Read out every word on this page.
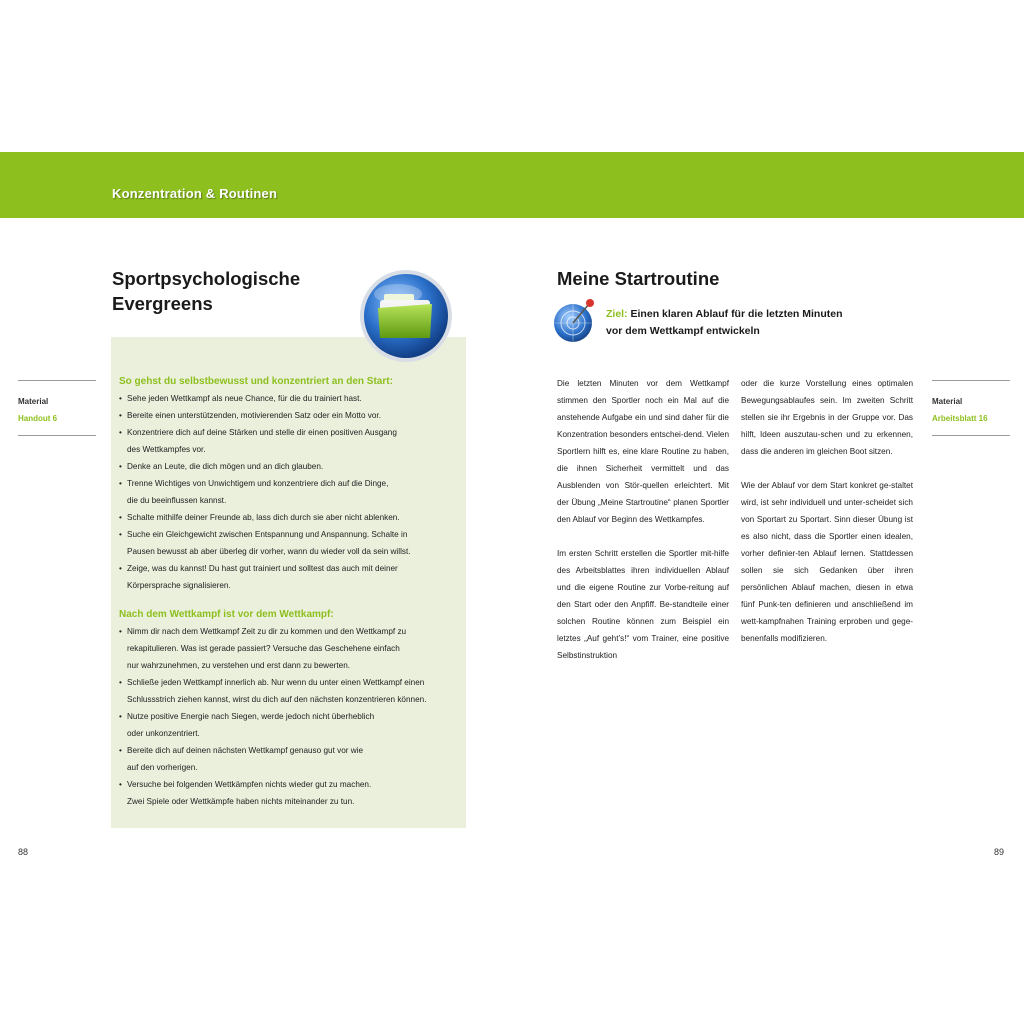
Konzentration & Routinen
Sportpsychologische
Evergreens
Material
Handout 6
So gehst du selbstbewusst und konzentriert an den Start:
• Sehe jeden Wettkampf als neue Chance, für die du trainiert hast.
• Bereite einen unterstützenden, motivierenden Satz oder ein Motto vor.
• Konzentriere dich auf deine Stärken und stelle dir einen positiven Ausgang
des Wettkampfes vor.
• Denke an Leute, die dich mögen und an dich glauben.
• Trenne Wichtiges von Unwichtigem und konzentriere dich auf die Dinge,
die du beeinflussen kannst.
• Schalte mithilfe deiner Freunde ab, lass dich durch sie aber nicht ablenken.
• Suche ein Gleichgewicht zwischen Entspannung und Anspannung. Schalte in
Pausen bewusst ab aber überleg dir vorher, wann du wieder voll da sein willst.
• Zeige, was du kannst! Du hast gut trainiert und solltest das auch mit deiner
Körpersprache signalisieren.
Nach dem Wettkampf ist vor dem Wettkampf:
• Nimm dir nach dem Wettkampf Zeit zu dir zu kommen und den Wettkampf zu
rekapitulieren. Was ist gerade passiert? Versuche das Geschehene einfach
nur wahrzunehmen, zu verstehen und erst dann zu bewerten.
• Schließe jeden Wettkampf innerlich ab. Nur wenn du unter einen Wettkampf einen
Schlussstrich ziehen kannst, wirst du dich auf den nächsten konzentrieren können.
• Nutze positive Energie nach Siegen, werde jedoch nicht überheblich
oder unkonzentriert.
• Bereite dich auf deinen nächsten Wettkampf genauso gut vor wie
auf den vorherigen.
• Versuche bei folgenden Wettkämpfen nichts wieder gut zu machen.
Zwei Spiele oder Wettkämpfe haben nichts miteinander zu tun.
88
Meine Startroutine
Ziel: Einen klaren Ablauf für die letzten Minuten
vor dem Wettkampf entwickeln
Material
Arbeitsblatt 16

Die letzten Minuten vor dem Wettkampf stimmen den Sportler noch ein Mal auf die anstehende Aufgabe ein und sind daher für die Konzentration besonders entschei-dend. Vielen Sportlern hilft es, eine klare Routine zu haben, die ihnen Sicherheit vermittelt und das Ausblenden von Stör-quellen erleichtert. Mit der Übung „Meine Startroutine“ planen Sportler den Ablauf vor Beginn des Wettkampfes.

Im ersten Schritt erstellen die Sportler mit-hilfe des Arbeitsblattes ihren individuellen Ablauf und die eigene Routine zur Vorbe-reitung auf den Start oder den Anpfiff. Be-standteile einer solchen Routine können zum Beispiel ein letztes „Auf geht’s!“ vom Trainer, eine positive Selbstinstruktion

oder die kurze Vorstellung eines optimalen Bewegungsablaufes sein. Im zweiten Schritt stellen sie ihr Ergebnis in der Gruppe vor. Das hilft, Ideen auszutau-schen und zu erkennen, dass die anderen im gleichen Boot sitzen.

Wie der Ablauf vor dem Start konkret ge-staltet wird, ist sehr individuell und unter-scheidet sich von Sportart zu Sportart. Sinn dieser Übung ist es also nicht, dass die Sportler einen idealen, vorher definier-ten Ablauf lernen. Stattdessen sollen sie sich Gedanken über ihren persönlichen Ablauf machen, diesen in etwa fünf Punk-ten definieren und anschließend im wett-kampfnahen Training erproben und gege-benenfalls modifizieren.

89
